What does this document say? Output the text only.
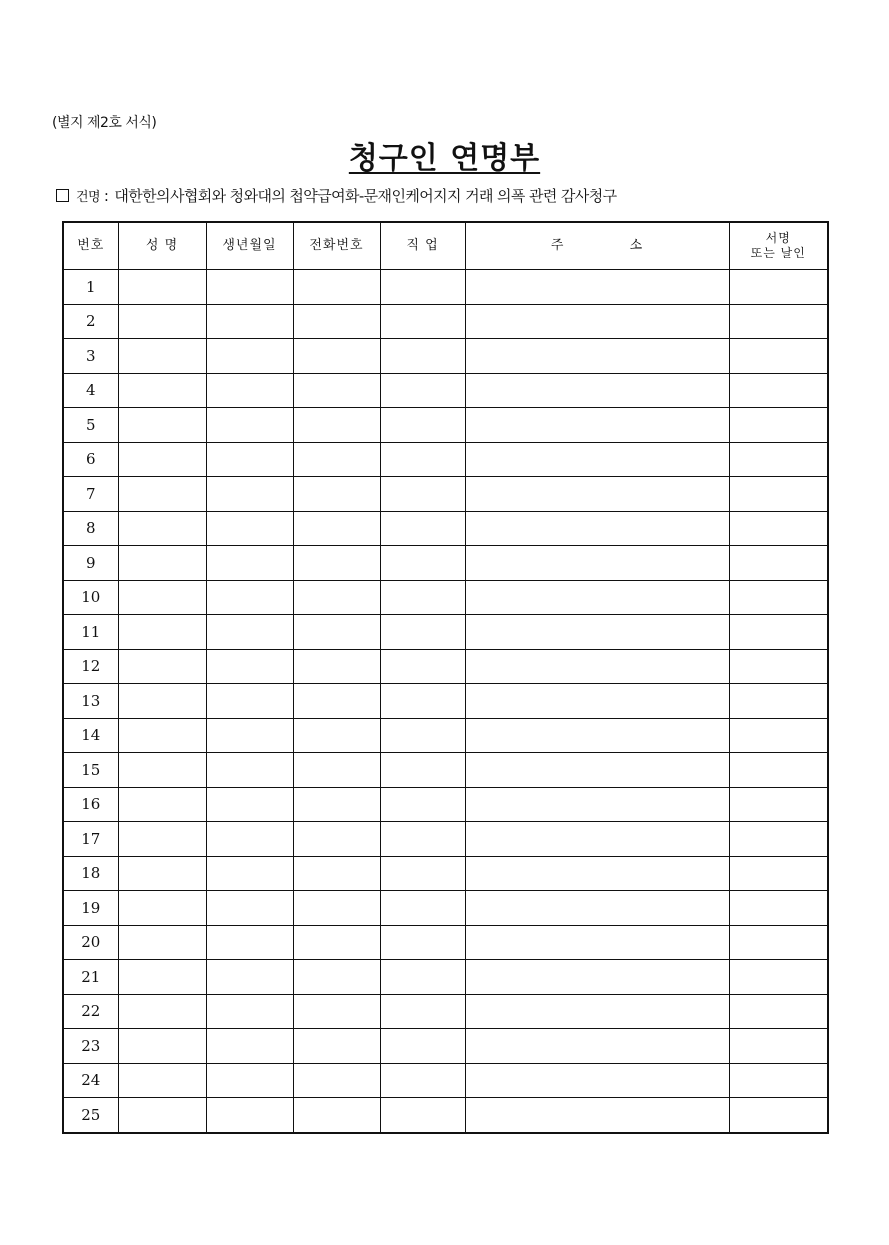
(별지 제2호 서식)
청구인 연명부
건명 : 대한한의사협회와 청와대의 첩약급여화-문재인케어지지 거래 의폭 관련 감사청구
번호	성 명	생년월일	전화번호	직 업	주 소	서명
또는 날인

1						
2						
3						
4						
5						
6						
7						
8						
9						
10						
11						
12						
13						
14						
15						
16						
17						
18						
19						
20						
21						
22						
23						
24						
25						
